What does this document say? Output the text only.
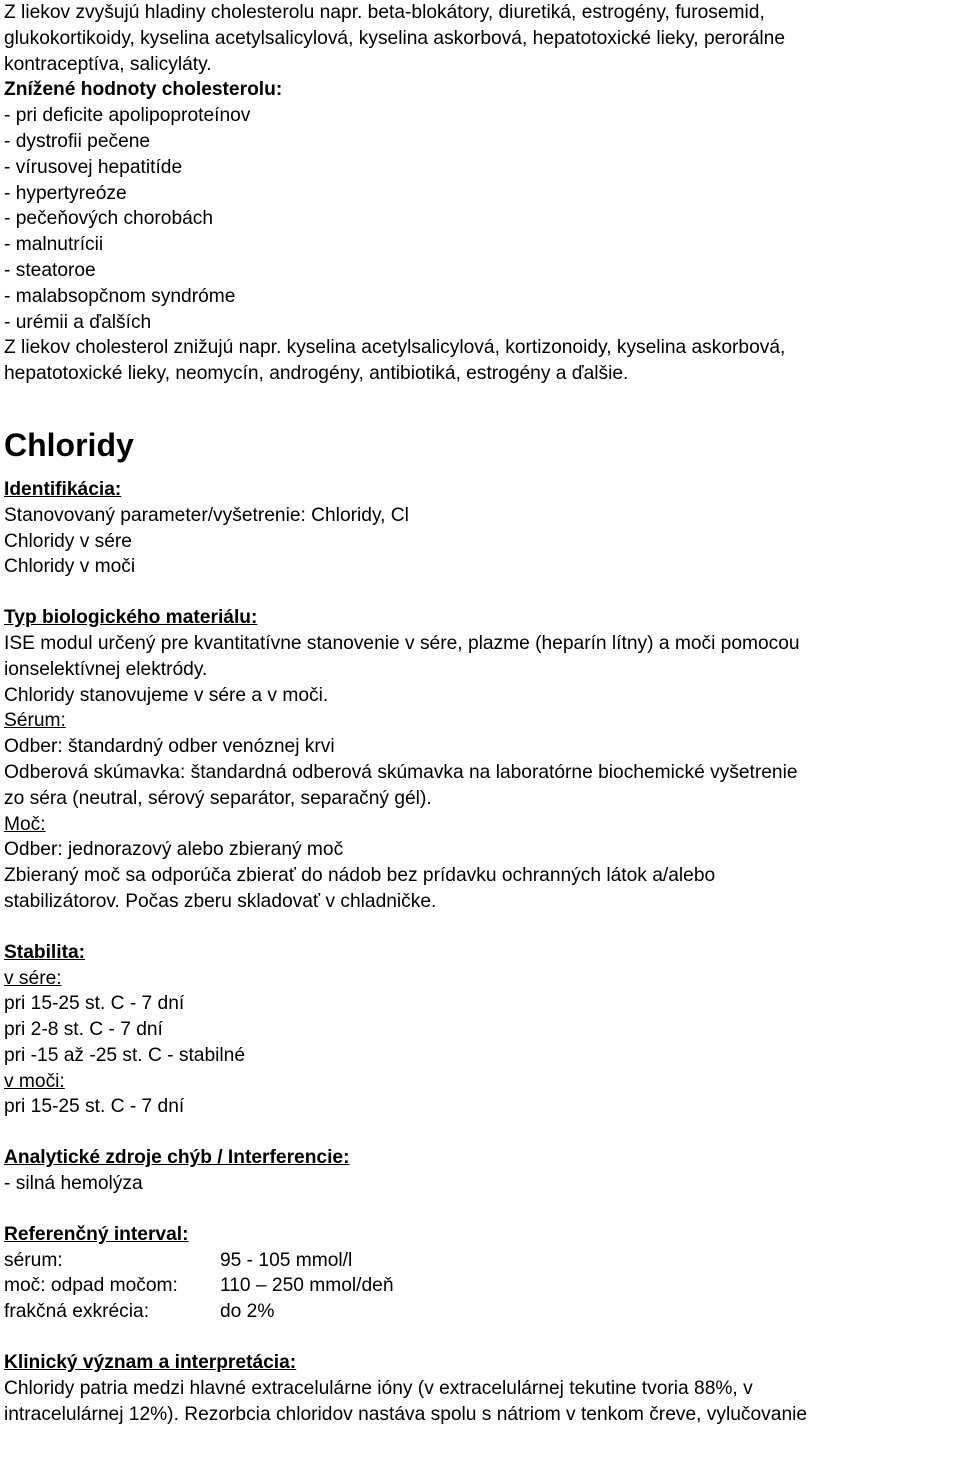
Z liekov zvyšujú hladiny cholesterolu napr. beta-blokátory, diuretiká, estrogény, furosemid,
glukokortikoidy, kyselina acetylsalicylová, kyselina askorbová, hepatotoxické lieky, perorálne
kontraceptíva, salicyláty.
Znížené hodnoty cholesterolu:
- pri deficite apolipoproteínov
- dystrofii pečene
- vírusovej hepatitíde
- hypertyreóze
- pečeňových chorobách
- malnutrícii
- steatoroe
- malabsopčnom syndróme
- urémii a ďalších
Z liekov cholesterol znižujú napr. kyselina acetylsalicylová, kortizonoidy, kyselina askorbová,
hepatotoxické lieky, neomycín, androgény, antibiotiká, estrogény a ďalšie.
Chloridy
Identifikácia:
Stanovovaný parameter/vyšetrenie: Chloridy, Cl
Chloridy v sére
Chloridy v moči
Typ biologického materiálu:
ISE modul určený pre kvantitatívne stanovenie v sére, plazme (heparín lítny) a moči pomocou
ionselektívnej elektródy.
Chloridy stanovujeme v sére a v moči.
Sérum:
Odber: štandardný odber venóznej krvi
Odberová skúmavka: štandardná odberová skúmavka na laboratórne biochemické vyšetrenie
zo séra (neutral, sérový separátor, separačný gél).
Moč:
Odber: jednorazový alebo zbieraný moč
Zbieraný moč sa odporúča zbierať do nádob bez prídavku ochranných látok a/alebo
stabilizátorov. Počas zberu skladovať v chladničke.
Stabilita:
v sére:
pri 15-25 st. C - 7 dní
pri 2-8 st. C - 7 dní
pri -15 až -25 st. C - stabilné
v moči:
pri 15-25 st. C - 7 dní
Analytické zdroje chýb / Interferencie:
- silná hemolýza
Referenčný interval:
sérum:	95 - 105 mmol/l
moč: odpad močom:	110 – 250 mmol/deň
frakčná exkrécia:	do 2%
Klinický význam a interpretácia:
Chloridy patria medzi hlavné extracelulárne ióny (v extracelulárnej tekutine tvoria 88%, v
intracelulárnej 12%). Rezorbcia chloridov nastáva spolu s nátriom v tenkom čreve, vylučovanie
